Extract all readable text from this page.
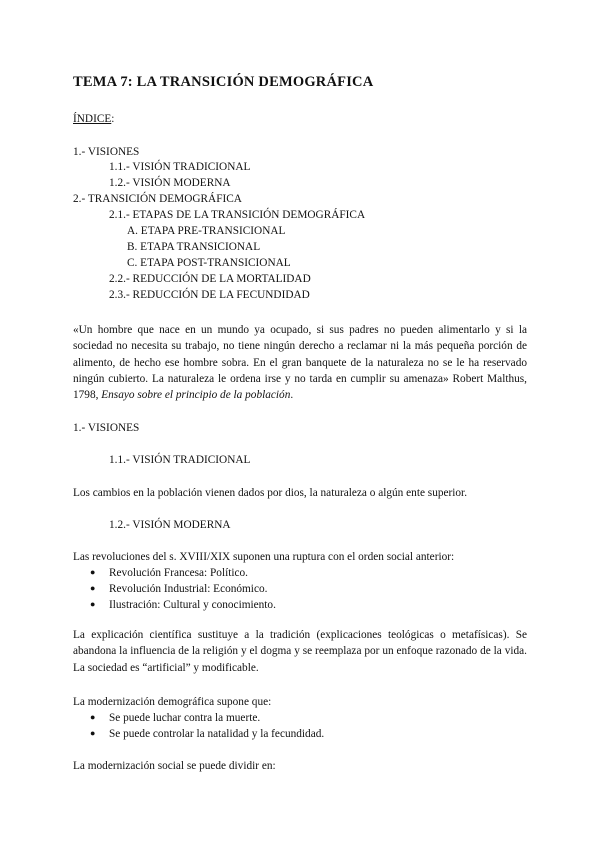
TEMA 7: LA TRANSICIÓN DEMOGRÁFICA
ÍNDICE:
1.- VISIONES
1.1.- VISIÓN TRADICIONAL
1.2.- VISIÓN MODERNA
2.- TRANSICIÓN DEMOGRÁFICA
2.1.- ETAPAS DE LA TRANSICIÓN DEMOGRÁFICA
A. ETAPA PRE-TRANSICIONAL
B. ETAPA TRANSICIONAL
C. ETAPA POST-TRANSICIONAL
2.2.- REDUCCIÓN DE LA MORTALIDAD
2.3.- REDUCCIÓN DE LA FECUNDIDAD
«Un hombre que nace en un mundo ya ocupado, si sus padres no pueden alimentarlo y si la sociedad no necesita su trabajo, no tiene ningún derecho a reclamar ni la más pequeña porción de alimento, de hecho ese hombre sobra. En el gran banquete de la naturaleza no se le ha reservado ningún cubierto. La naturaleza le ordena irse y no tarda en cumplir su amenaza» Robert Malthus, 1798, Ensayo sobre el principio de la población.
1.- VISIONES
1.1.- VISIÓN TRADICIONAL
Los cambios en la población vienen dados por dios, la naturaleza o algún ente superior.
1.2.- VISIÓN MODERNA
Las revoluciones del s. XVIII/XIX suponen una ruptura con el orden social anterior:
● Revolución Francesa: Político.
● Revolución Industrial: Económico.
● Ilustración: Cultural y conocimiento.
La explicación científica sustituye a la tradición (explicaciones teológicas o metafísicas). Se abandona la influencia de la religión y el dogma y se reemplaza por un enfoque razonado de la vida. La sociedad es “artificial” y modificable.
La modernización demográfica supone que:
● Se puede luchar contra la muerte.
● Se puede controlar la natalidad y la fecundidad.
La modernización social se puede dividir en:
